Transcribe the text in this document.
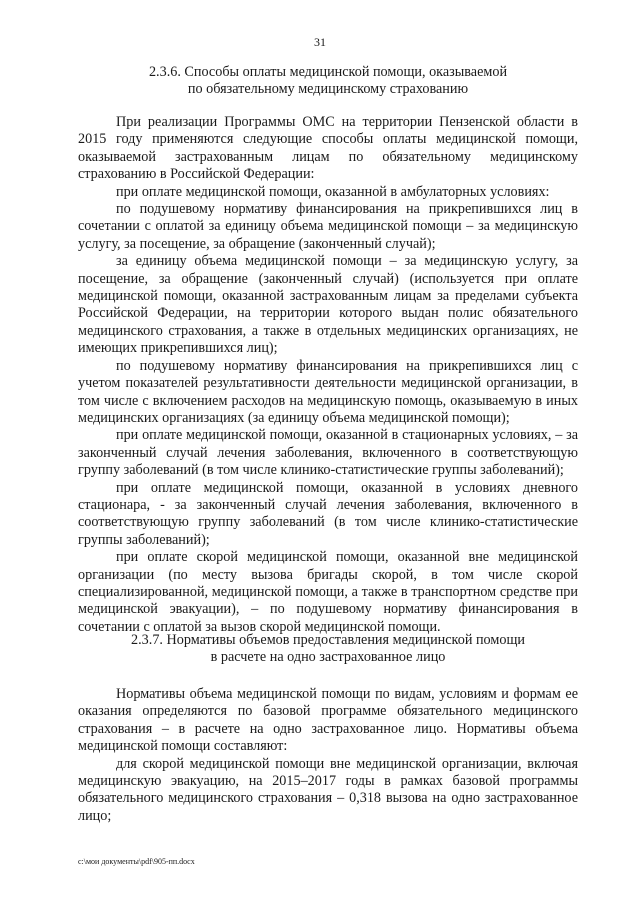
31
2.3.6. Способы оплаты медицинской помощи, оказываемой
по обязательному медицинскому страхованию

При реализации Программы ОМС на территории Пензенской области в 2015 году применяются следующие способы оплаты медицинской помощи, оказываемой застрахованным лицам по обязательному медицинскому страхованию в Российской Федерации:

при оплате медицинской помощи, оказанной в амбулаторных условиях:

по подушевому нормативу финансирования на прикрепившихся лиц в сочетании с оплатой за единицу объема медицинской помощи – за медицинскую услугу, за посещение, за обращение (законченный случай);

за единицу объема медицинской помощи – за медицинскую услугу, за посещение, за обращение (законченный случай) (используется при оплате медицинской помощи, оказанной застрахованным лицам за пределами субъекта Российской Федерации, на территории которого выдан полис обязательного медицинского страхования, а также в отдельных медицинских организациях, не имеющих прикрепившихся лиц);

по подушевому нормативу финансирования на прикрепившихся лиц с учетом показателей результативности деятельности медицинской организации, в том числе с включением расходов на медицинскую помощь, оказываемую в иных медицинских организациях (за единицу объема медицинской помощи);

при оплате медицинской помощи, оказанной в стационарных условиях, – за законченный случай лечения заболевания, включенного в соответствующую группу заболеваний (в том числе клинико-статистические группы заболеваний);

при оплате медицинской помощи, оказанной в условиях дневного стационара, - за законченный случай лечения заболевания, включенного в соответствующую группу заболеваний (в том числе клинико-статистические группы заболеваний);

при оплате скорой медицинской помощи, оказанной вне медицинской организации (по месту вызова бригады скорой, в том числе скорой специализированной, медицинской помощи, а также в транспортном средстве при медицинской эвакуации), – по подушевому нормативу финансирования в сочетании с оплатой за вызов скорой медицинской помощи.

2.3.7. Нормативы объемов предоставления медицинской помощи
в расчете на одно застрахованное лицо

Нормативы объема медицинской помощи по видам, условиям и формам ее оказания определяются по базовой программе обязательного медицинского страхования – в расчете на одно застрахованное лицо. Нормативы объема медицинской помощи составляют:

для скорой медицинской помощи вне медицинской организации, включая медицинскую эвакуацию, на 2015–2017 годы в рамках базовой программы обязательного медицинского страхования – 0,318 вызова на одно застрахованное лицо;

c:\мои документы\pdf\905-пп.docx
